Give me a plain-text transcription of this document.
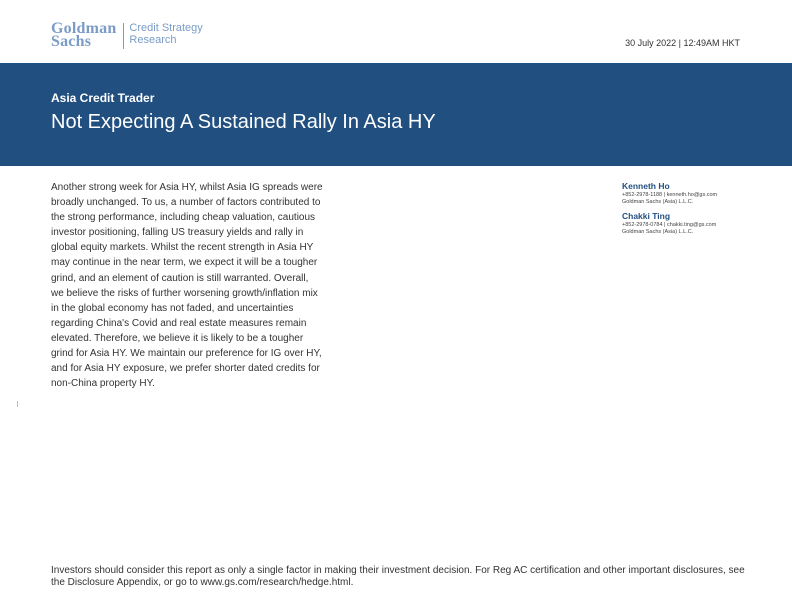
Goldman
Sachs
Credit Strategy
Research	30 July 2022 | 12:49AM HKT
Asia Credit Trader
Not Expecting A Sustained Rally In Asia HY
Another strong week for Asia HY, whilst Asia IG spreads were broadly unchanged. To us, a number of factors contributed to the strong performance, including cheap valuation, cautious investor positioning, falling US treasury yields and rally in global equity markets. Whilst the recent strength in Asia HY may continue in the near term, we expect it will be a tougher grind, and an element of caution is still warranted. Overall, we believe the risks of further worsening growth/inflation mix in the global economy has not faded, and uncertainties regarding China's Covid and real estate measures remain elevated. Therefore, we believe it is likely to be a tougher grind for Asia HY. We maintain our preference for IG over HY, and for Asia HY exposure, we prefer shorter dated credits for non-China property HY.
Kenneth Ho
+852-2978-1188 | kenneth.ho@gs.com
Goldman Sachs (Asia) L.L.C.
Chakki Ting
+852-2978-0784 | chakki.ting@gs.com
Goldman Sachs (Asia) L.L.C.
Investors should consider this report as only a single factor in making their investment decision. For Reg AC certification and other important disclosures, see the Disclosure Appendix, or go to www.gs.com/research/hedge.html.
